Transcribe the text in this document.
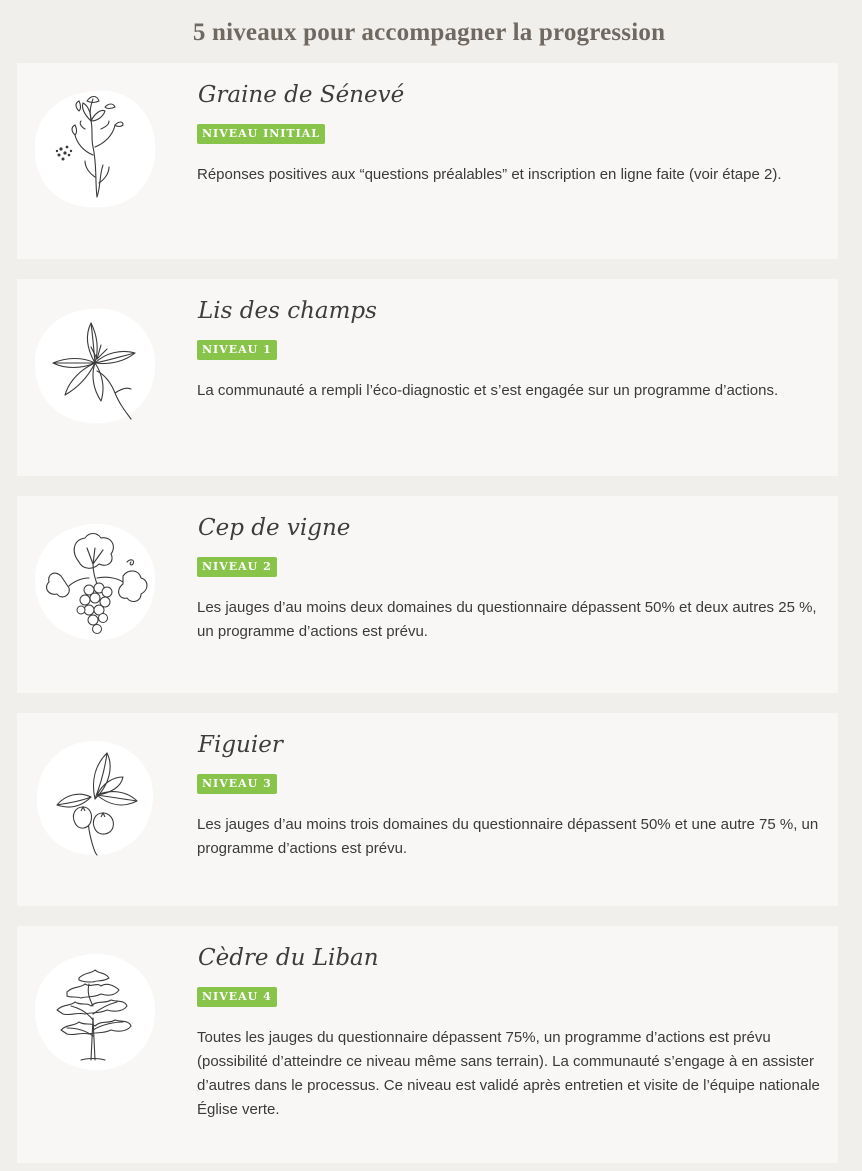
5 niveaux pour accompagner la progression
Graine de Sénevé
NIVEAU INITIAL

Réponses positives aux “questions préalables” et inscription en ligne faite (voir étape 2).

Lis des champs
NIVEAU 1

La communauté a rempli l’éco-diagnostic et s’est engagée sur un programme d’actions.

Cep de vigne
NIVEAU 2

Les jauges d’au moins deux domaines du questionnaire dépassent 50% et deux autres 25 %, un programme d’actions est prévu.

Figuier
NIVEAU 3

Les jauges d’au moins trois domaines du questionnaire dépassent 50% et une autre 75 %, un programme d’actions est prévu.

Cèdre du Liban
NIVEAU 4

Toutes les jauges du questionnaire dépassent 75%, un programme d’actions est prévu (possibilité d’atteindre ce niveau même sans terrain). La communauté s’engage à en assister d’autres dans le processus. Ce niveau est validé après entretien et visite de l’équipe nationale Église verte.
